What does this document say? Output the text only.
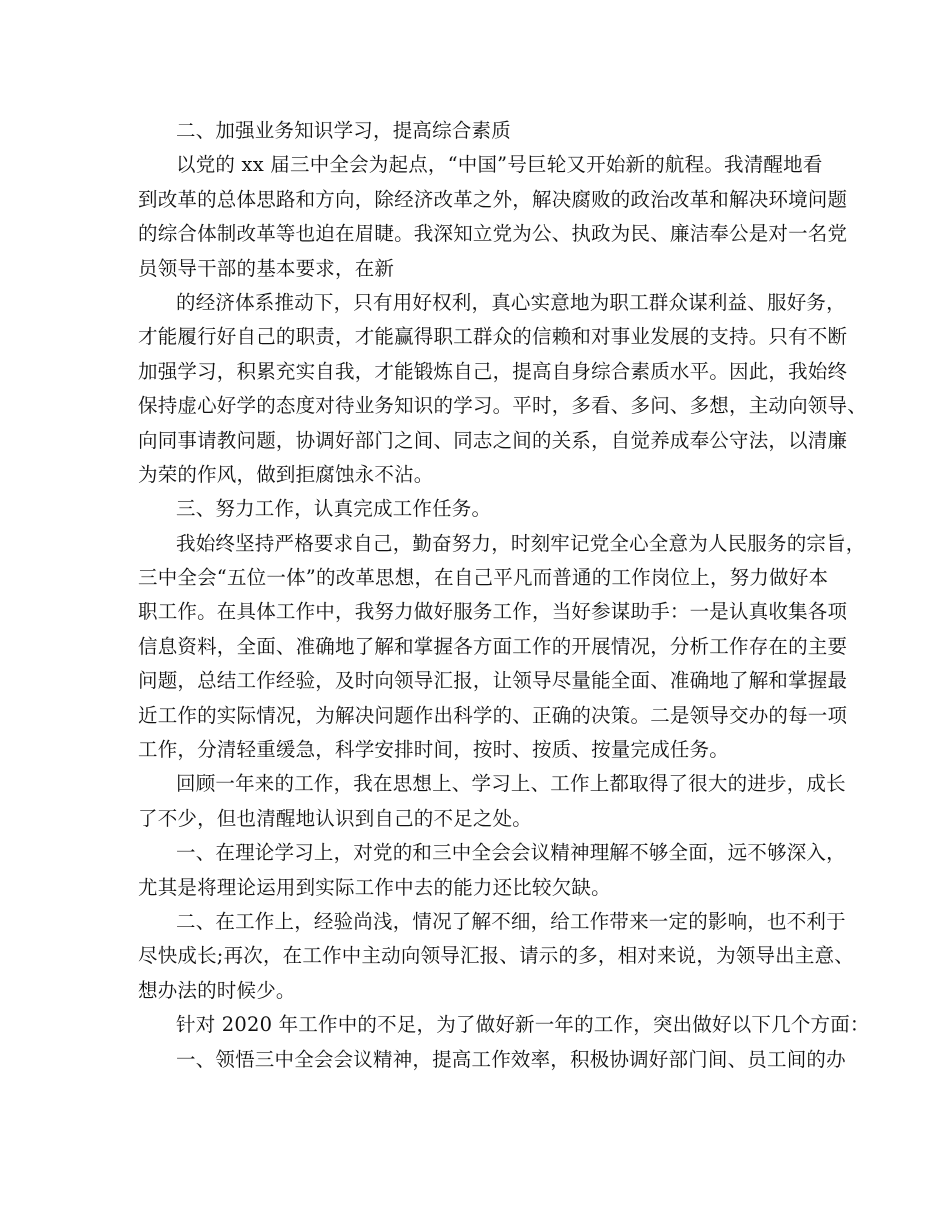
二、加强业务知识学习，提高综合素质
以党的 xx 届三中全会为起点，“中国”号巨轮又开始新的航程。我清醒地看
到改革的总体思路和方向，除经济改革之外，解决腐败的政治改革和解决环境问题
的综合体制改革等也迫在眉睫。我深知立党为公、执政为民、廉洁奉公是对一名党
员领导干部的基本要求，在新
的经济体系推动下，只有用好权利，真心实意地为职工群众谋利益、服好务，
才能履行好自己的职责，才能赢得职工群众的信赖和对事业发展的支持。只有不断
加强学习，积累充实自我，才能锻炼自己，提高自身综合素质水平。因此，我始终
保持虚心好学的态度对待业务知识的学习。平时，多看、多问、多想，主动向领导、
向同事请教问题，协调好部门之间、同志之间的关系，自觉养成奉公守法，以清廉
为荣的作风，做到拒腐蚀永不沾。
三、努力工作，认真完成工作任务。
我始终坚持严格要求自己，勤奋努力，时刻牢记党全心全意为人民服务的宗旨，
三中全会“五位一体”的改革思想，在自己平凡而普通的工作岗位上，努力做好本
职工作。在具体工作中，我努力做好服务工作，当好参谋助手：一是认真收集各项
信息资料，全面、准确地了解和掌握各方面工作的开展情况，分析工作存在的主要
问题，总结工作经验，及时向领导汇报，让领导尽量能全面、准确地了解和掌握最
近工作的实际情况，为解决问题作出科学的、正确的决策。二是领导交办的每一项
工作，分清轻重缓急，科学安排时间，按时、按质、按量完成任务。
回顾一年来的工作，我在思想上、学习上、工作上都取得了很大的进步，成长
了不少，但也清醒地认识到自己的不足之处。
一、在理论学习上，对党的和三中全会会议精神理解不够全面，远不够深入，
尤其是将理论运用到实际工作中去的能力还比较欠缺。
二、在工作上，经验尚浅，情况了解不细，给工作带来一定的影响，也不利于
尽快成长;再次，在工作中主动向领导汇报、请示的多，相对来说，为领导出主意、
想办法的时候少。
针对 2020 年工作中的不足，为了做好新一年的工作，突出做好以下几个方面：
一、领悟三中全会会议精神，提高工作效率，积极协调好部门间、员工间的办
